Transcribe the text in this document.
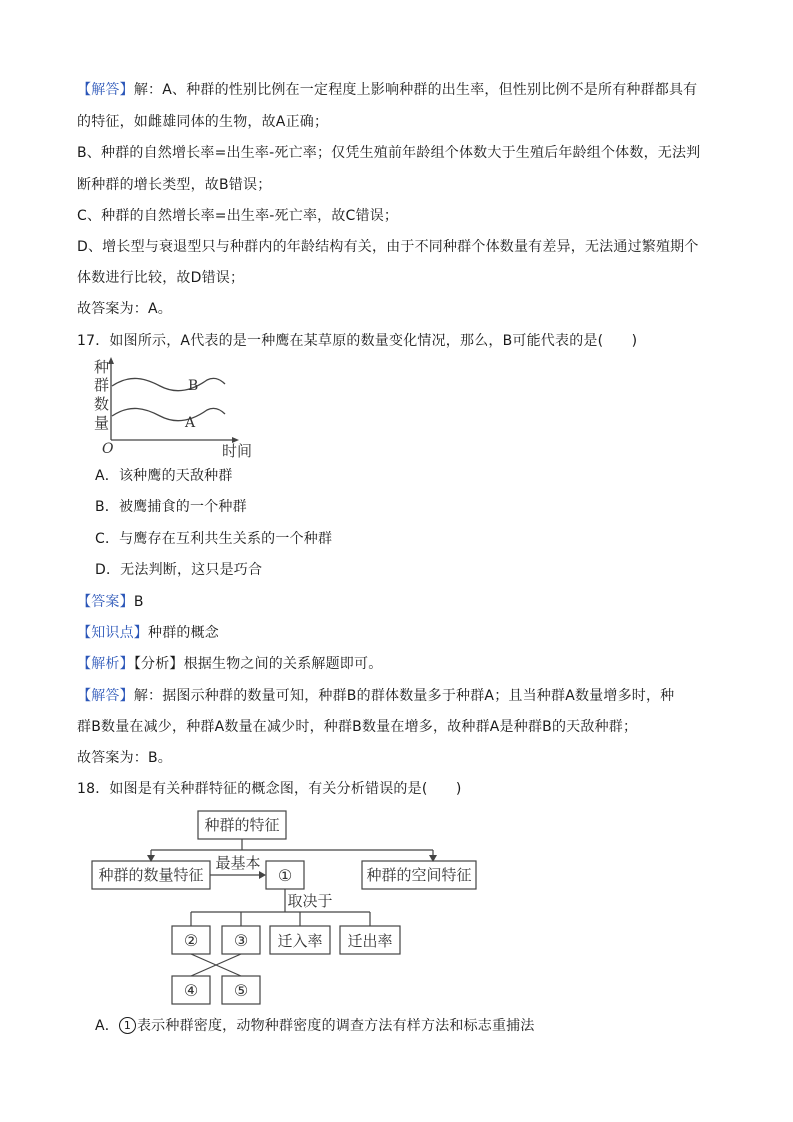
【解答】解：A、种群的性别比例在一定程度上影响种群的出生率，但性别比例不是所有种群都具有
的特征，如雌雄同体的生物，故A正确；
B、种群的自然增长率=出生率-死亡率；仅凭生殖前年龄组个体数大于生殖后年龄组个体数，无法判
断种群的增长类型，故B错误；
C、种群的自然增长率=出生率-死亡率，故C错误；
D、增长型与衰退型只与种群内的年龄结构有关，由于不同种群个体数量有差异，无法通过繁殖期个
体数进行比较，故D错误；
故答案为：A。
17．如图所示，A代表的是一种鹰在某草原的数量变化情况，那么，B可能代表的是(　　)
种
群
数
量
O	时间
B
A
A．该种鹰的天敌种群
B．被鹰捕食的一个种群
C．与鹰存在互利共生关系的一个种群
D．无法判断，这只是巧合
【答案】B
【知识点】种群的概念
【解析】【分析】根据生物之间的关系解题即可。
【解答】解：据图示种群的数量可知，种群B的群体数量多于种群A；且当种群A数量增多时，种
群B数量在减少，种群A数量在减少时，种群B数量在增多，故种群A是种群B的天敌种群；
故答案为：B。
18．如图是有关种群特征的概念图，有关分析错误的是(　　)
种群的特征
种群的数量特征	种群的空间特征
最基本
取决于
①
② ③ 迁入率 迁出率
④ ⑤
A． 1 表示种群密度，动物种群密度的调查方法有样方法和标志重捕法
